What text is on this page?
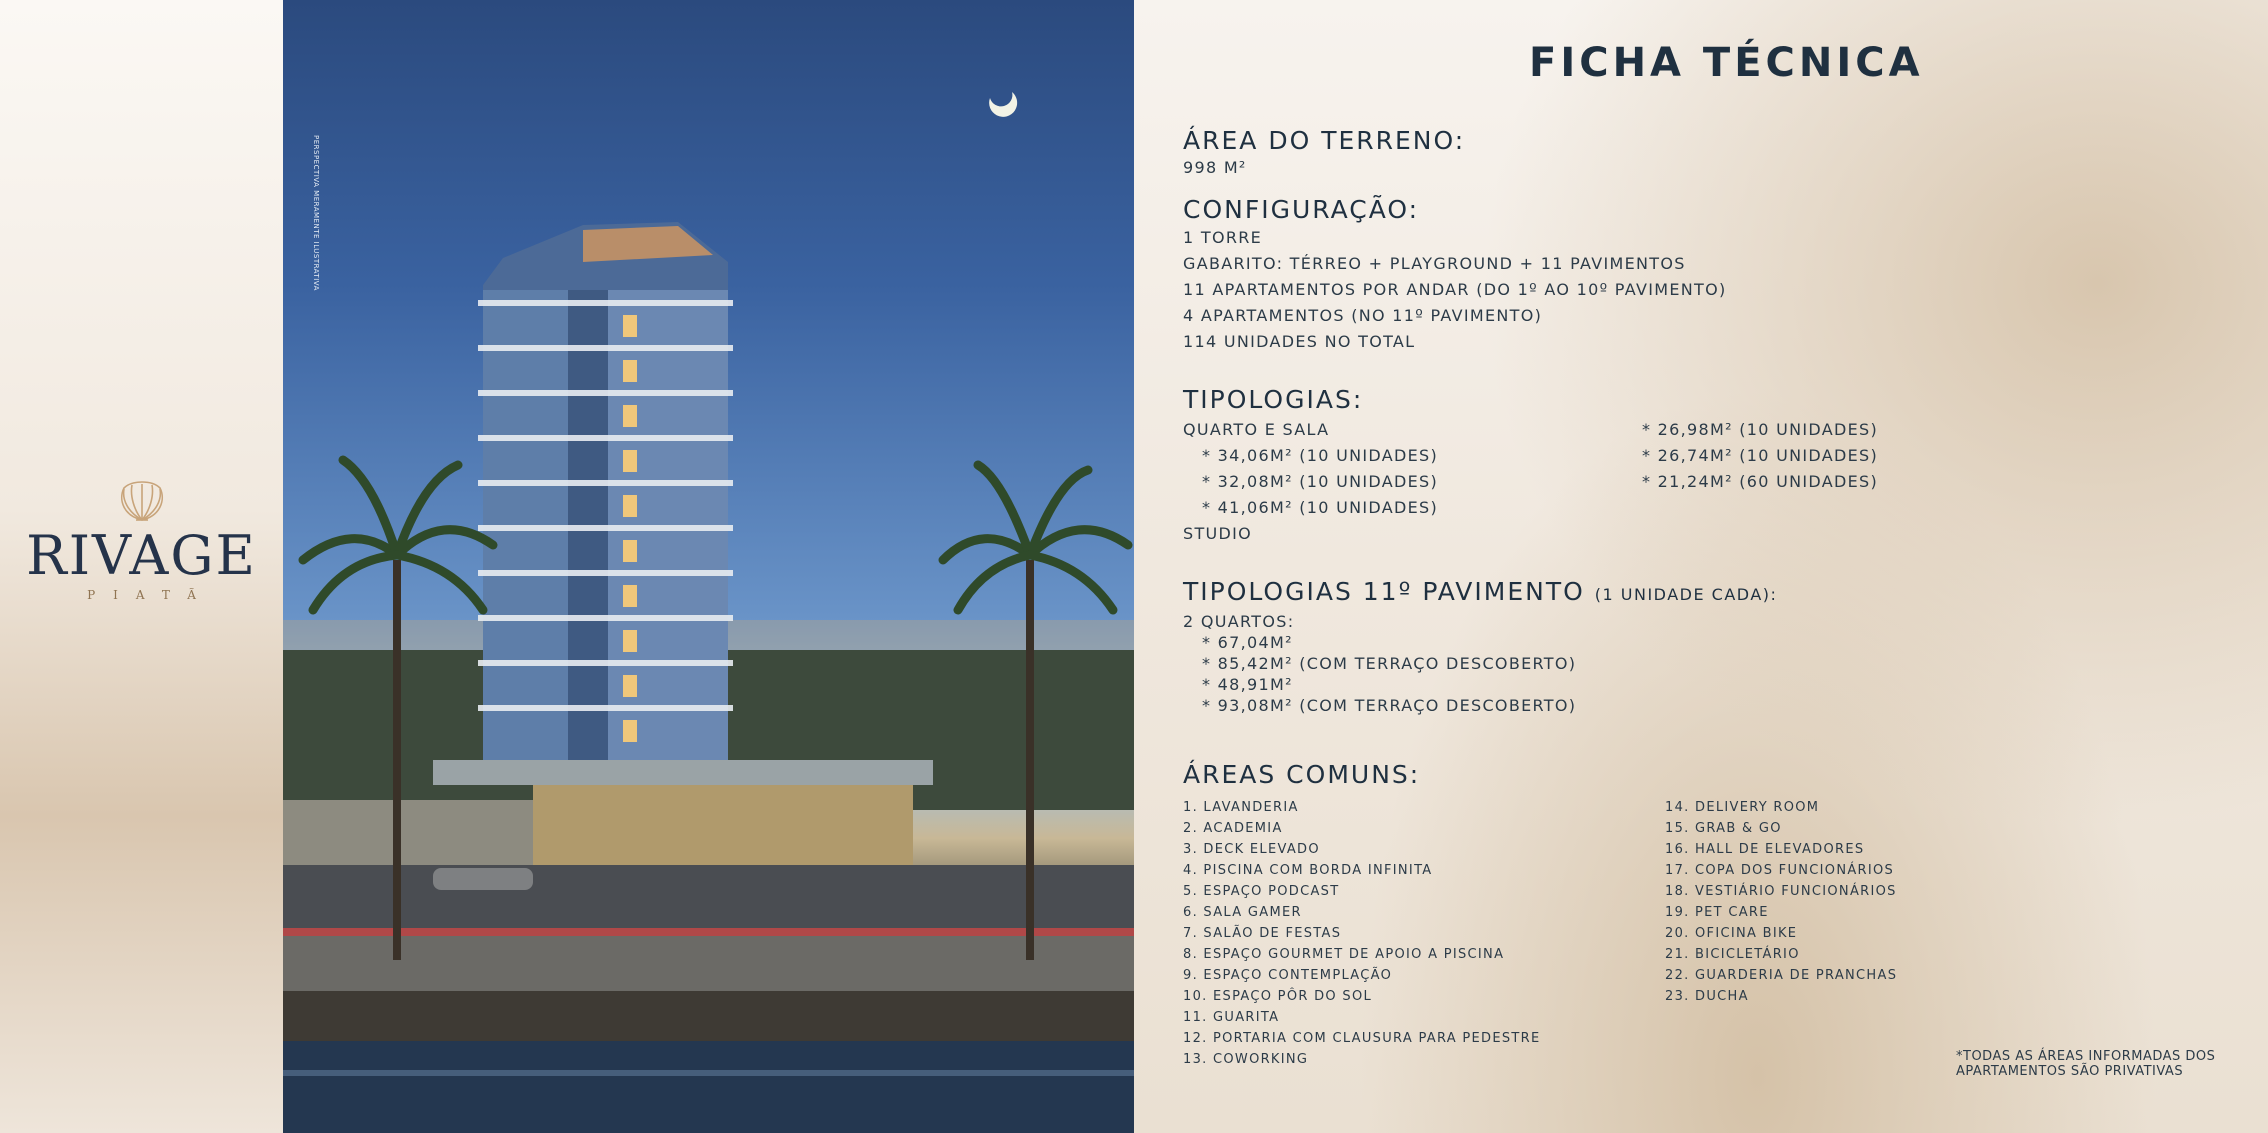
RIVAGE
PIATÃ
PERSPECTIVA MERAMENTE ILUSTRATIVA
FICHA TÉCNICA
ÁREA DO TERRENO:
998 M²
CONFIGURAÇÃO:
1 TORRE
GABARITO: TÉRREO + PLAYGROUND + 11 PAVIMENTOS
11 APARTAMENTOS POR ANDAR (DO 1º AO 10º PAVIMENTO)
4 APARTAMENTOS (NO 11º PAVIMENTO)
114 UNIDADES NO TOTAL
TIPOLOGIAS:
QUARTO E SALA
* 34,06M² (10 UNIDADES)
* 32,08M² (10 UNIDADES)
* 41,06M² (10 UNIDADES)
STUDIO
* 26,98M² (10 UNIDADES)
* 26,74M² (10 UNIDADES)
* 21,24M² (60 UNIDADES)
TIPOLOGIAS 11º PAVIMENTO (1 UNIDADE CADA):
2 QUARTOS:
* 67,04M²
* 85,42M² (COM TERRAÇO DESCOBERTO)
* 48,91M²
* 93,08M² (COM TERRAÇO DESCOBERTO)
ÁREAS COMUNS:
1. LAVANDERIA
2. ACADEMIA
3. DECK ELEVADO
4. PISCINA COM BORDA INFINITA
5. ESPAÇO PODCAST
6. SALA GAMER
7. SALÃO DE FESTAS
8. ESPAÇO GOURMET DE APOIO A PISCINA
9. ESPAÇO CONTEMPLAÇÃO
10. ESPAÇO PÔR DO SOL
11. GUARITA
12. PORTARIA COM CLAUSURA PARA PEDESTRE
13. COWORKING
14. DELIVERY ROOM
15. GRAB & GO
16. HALL DE ELEVADORES
17. COPA DOS FUNCIONÁRIOS
18. VESTIÁRIO FUNCIONÁRIOS
19. PET CARE
20. OFICINA BIKE
21. BICICLETÁRIO
22. GUARDERIA DE PRANCHAS
23. DUCHA
*TODAS AS ÁREAS INFORMADAS DOS
APARTAMENTOS SÃO PRIVATIVAS
